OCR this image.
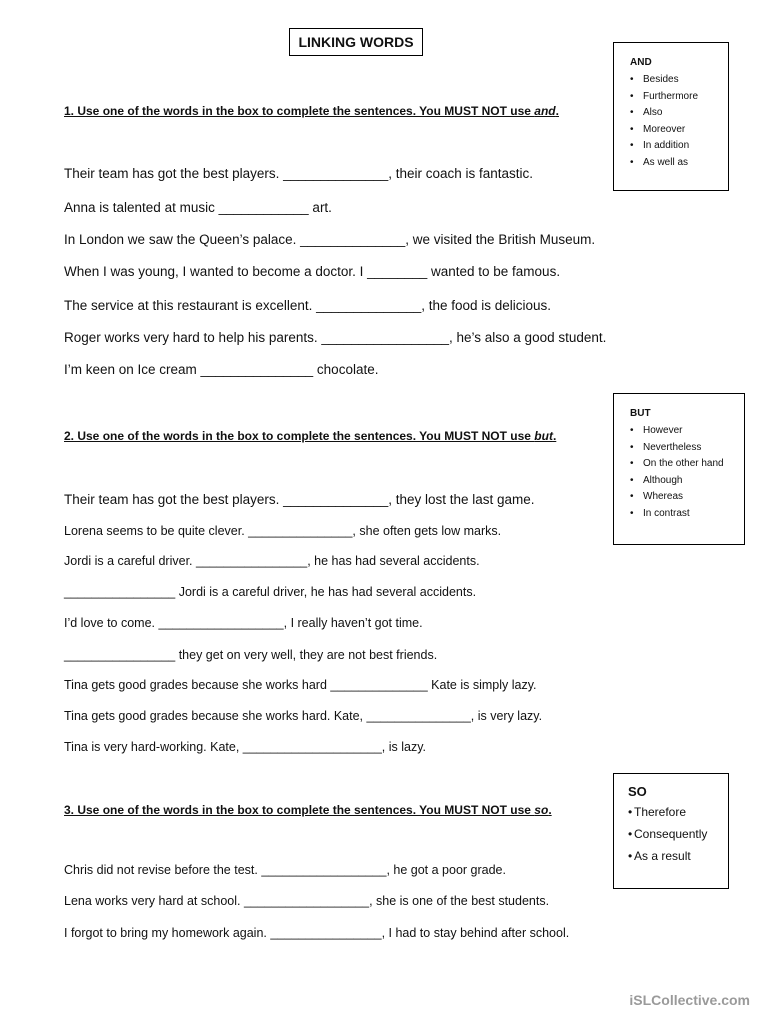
LINKING WORDS
1. Use one of the words in the box to complete the sentences. You MUST NOT use and.
Their team has got the best players. ______________, their coach is fantastic.
Anna is talented at music ____________ art.
In London we saw the Queen’s palace. ______________, we visited the British Museum.
When I was young, I wanted to become a doctor. I ________ wanted to be famous.
The service at this restaurant is excellent. ______________, the food is delicious.
Roger works very hard to help his parents. _________________, he’s also a good student.
I’m keen on Ice cream _______________ chocolate.
AND
• Besides
• Furthermore
• Also
• Moreover
• In addition
• As well as
2. Use one of the words in the box to complete the sentences. You MUST NOT use but.
Their team has got the best players. ______________, they lost the last game.
Lorena seems to be quite clever. _______________, she often gets low marks.
Jordi is a careful driver. ________________, he has had several accidents.
________________ Jordi is a careful driver, he has had several accidents.
I’d love to come. __________________, I really haven’t got time.
________________ they get on very well, they are not best friends.
Tina gets good grades because she works hard ______________ Kate is simply lazy.
Tina gets good grades because she works hard. Kate, _______________, is very lazy.
Tina is very hard-working. Kate, ____________________, is lazy.
BUT
• However
• Nevertheless
• On the other hand
• Although
• Whereas
• In contrast
3. Use one of the words in the box to complete the sentences. You MUST NOT use so.
Chris did not revise before the test. __________________, he got a poor grade.
Lena works very hard at school. __________________, she is one of the best students.
I forgot to bring my homework again. ________________, I had to stay behind after school.
SO
• Therefore
• Consequently
• As a result
iSLCollective.com
